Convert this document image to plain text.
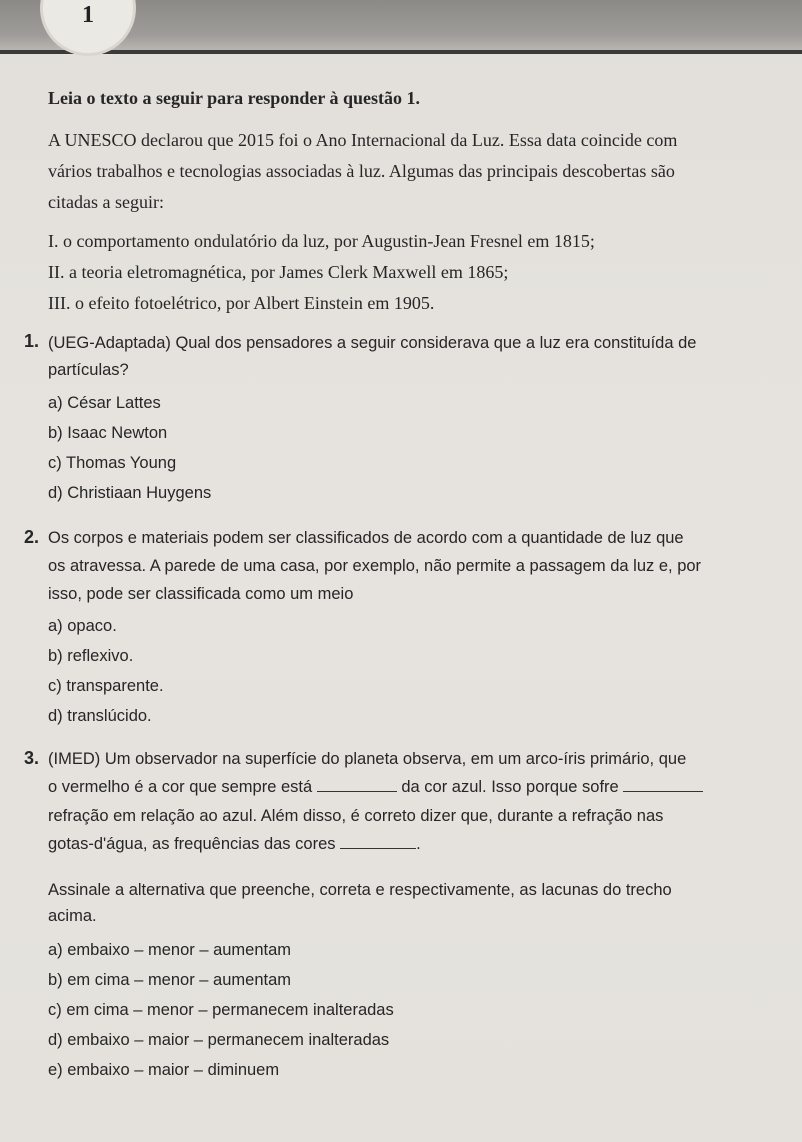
1
Leia o texto a seguir para responder à questão 1.
A UNESCO declarou que 2015 foi o Ano Internacional da Luz. Essa data coincide com
vários trabalhos e tecnologias associadas à luz. Algumas das principais descobertas são
citadas a seguir:
I. o comportamento ondulatório da luz, por Augustin-Jean Fresnel em 1815;
II. a teoria eletromagnética, por James Clerk Maxwell em 1865;
III. o efeito fotoelétrico, por Albert Einstein em 1905.
1. (UEG-Adaptada) Qual dos pensadores a seguir considerava que a luz era constituída de
partículas?
a) César Lattes
b) Isaac Newton
c) Thomas Young
d) Christiaan Huygens
2. Os corpos e materiais podem ser classificados de acordo com a quantidade de luz que
os atravessa. A parede de uma casa, por exemplo, não permite a passagem da luz e, por
isso, pode ser classificada como um meio
a) opaco.
b) reflexivo.
c) transparente.
d) translúcido.
3. (IMED) Um observador na superfície do planeta observa, em um arco-íris primário, que
o vermelho é a cor que sempre está	da cor azul. Isso porque sofre
refração em relação ao azul. Além disso, é correto dizer que, durante a refração nas
gotas-d'água, as frequências das cores	.
Assinale a alternativa que preenche, correta e respectivamente, as lacunas do trecho
acima.
a) embaixo – menor – aumentam
b) em cima – menor – aumentam
c) em cima – menor – permanecem inalteradas
d) embaixo – maior – permanecem inalteradas
e) embaixo – maior – diminuem
